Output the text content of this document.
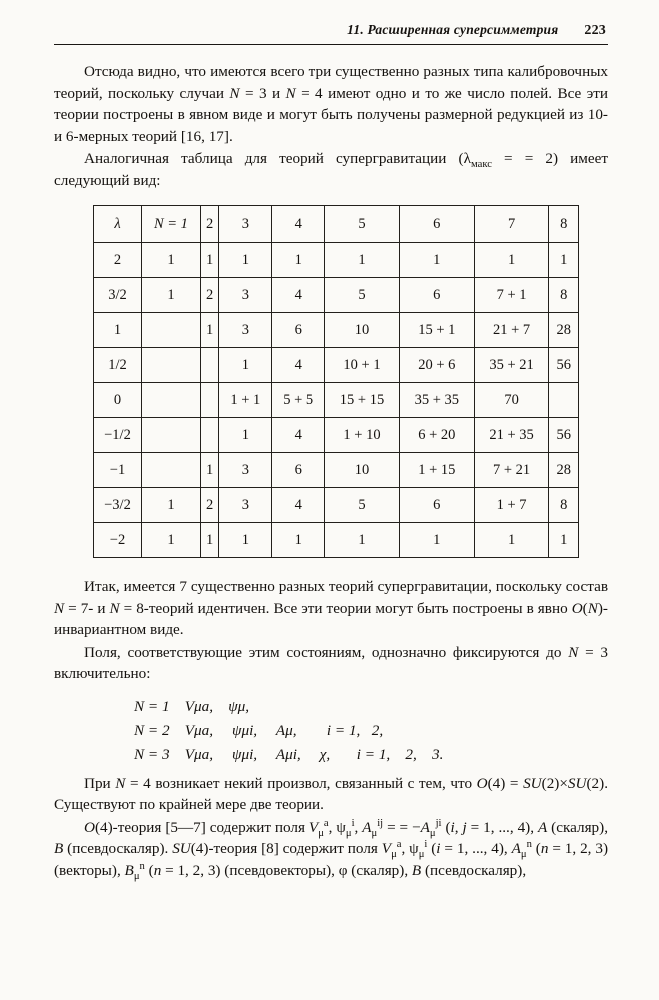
11. Расширенная суперсимметрия 223

Отсюда видно, что имеются всего три существенно разных типа калибровочных теорий, поскольку случаи N = 3 и N = 4 имеют одно и то же число полей. Все эти теории построены в явном виде и могут быть получены размерной редукцией из 10- и 6-мерных теорий [16, 17].

Аналогичная таблица для теорий супергравитации ($\lambda_{макс}$ = = 2) имеет следующий вид:

λ	N = 1	2	3	4	5	6	7	8
2	1	1	1	1	1	1	1	1
3/2	1	2	3	4	5	6	7 + 1	8
1		1	3	6	10	15 + 1	21 + 7	28
1/2			1	4	10 + 1	20 + 6	35 + 21	56
0			1 + 1	5 + 5	15 + 15	35 + 35	70	
−1/2			1	4	1 + 10	6 + 20	21 + 35	56
−1		1	3	6	10	1 + 15	7 + 21	28
−3/2	1	2	3	4	5	6	1 + 7	8
−2	1	1	1	1	1	1	1	1

Итак, имеется 7 существенно разных теорий супергравитации, поскольку состав N = 7- и N = 8-теорий идентичен. Все эти теории могут быть построены в явно O(N)-инвариантном виде.

Поля, соответствующие этим состояниям, однозначно фиксируются до N = 3 включительно:

N = 1    Vμa,    ψμ,
N = 2    Vμa,     ψμi,     Aμ,        i = 1,   2,
N = 3    Vμa,     ψμi,     Aμi,     χ,       i = 1,    2,    3.

При N = 4 возникает некий произвол, связанный с тем, что O(4) = SU(2)×SU(2). Существуют по крайней мере две теории.

O(4)-теория [5—7] содержит поля $V_\mu^a$, $\psi_\mu^i$, $A_\mu^{ij}$ = = $-A_\mu^{ji}$ (i, j = 1, ..., 4), A (скаляр), B (псевдоскаляр). SU(4)-теория [8] содержит поля $V_\mu^a$, $\psi_\mu^i$ (i = 1, ..., 4), $A_\mu^n$ (n = 1, 2, 3) (векторы), $B_\mu^n$ (n = 1, 2, 3) (псевдовекторы), φ (скаляр), B (псевдоскаляр),
